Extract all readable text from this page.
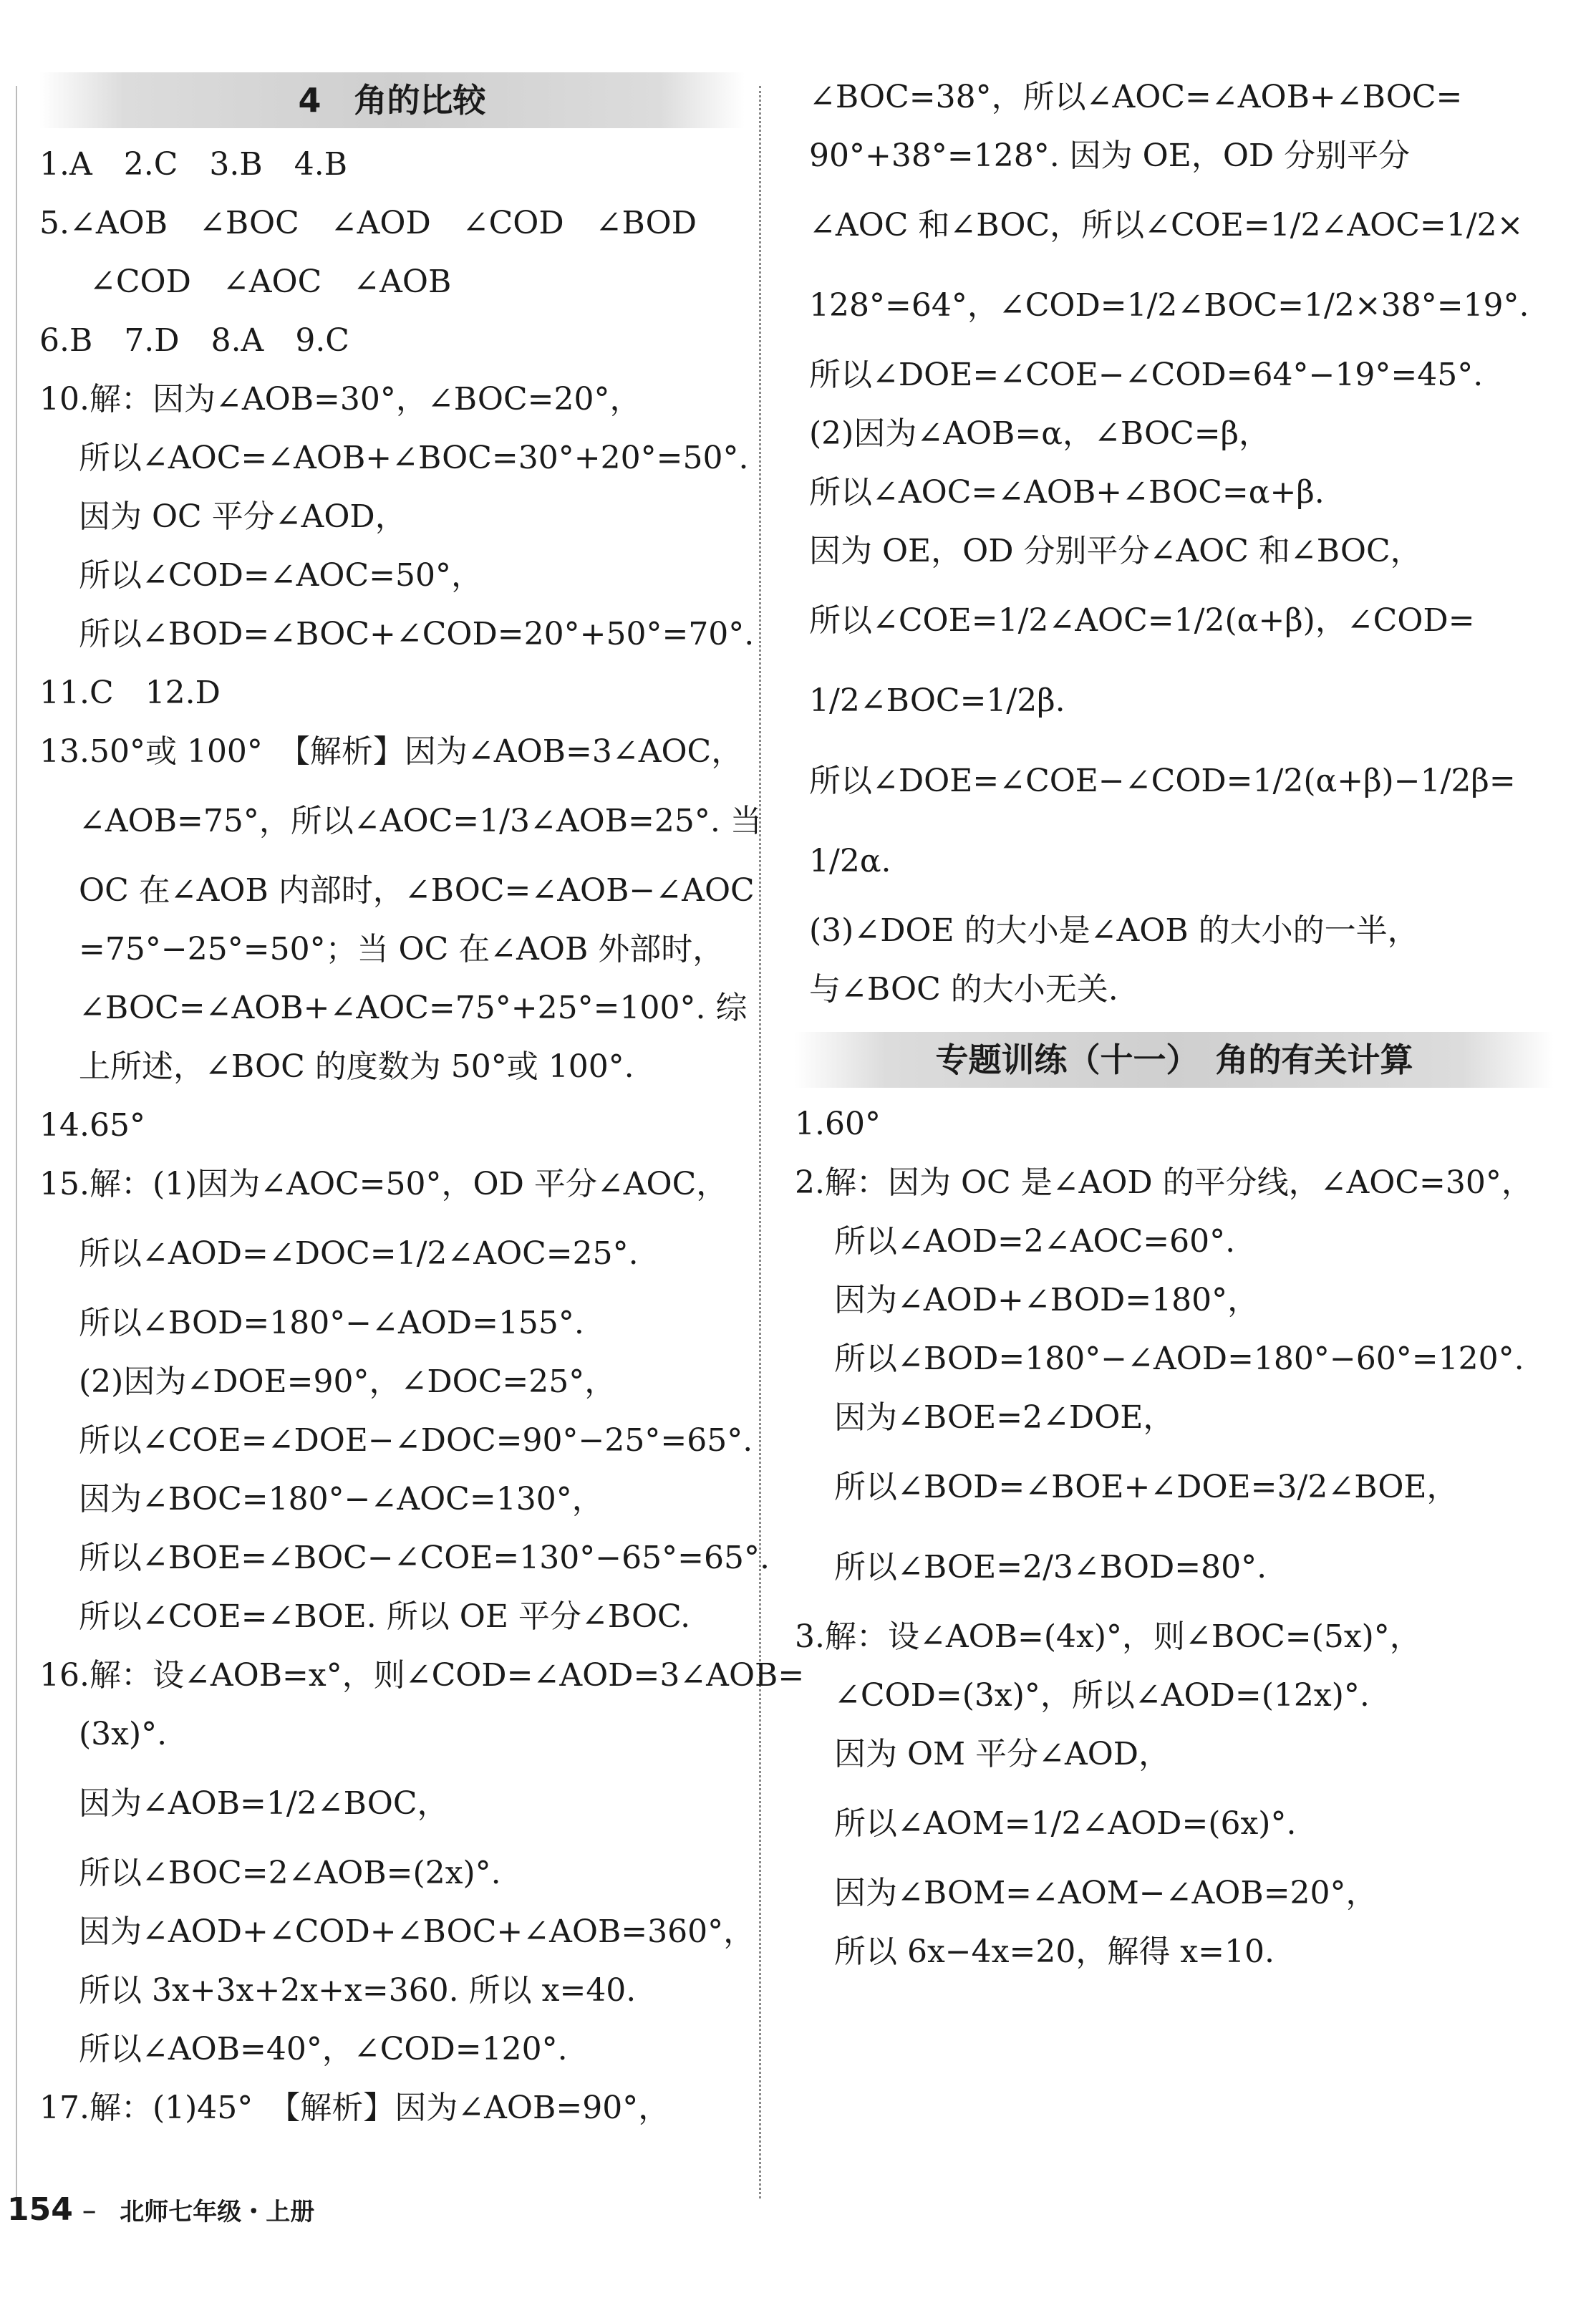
4　角的比较
1.A　2.C　3.B　4.B
5.∠AOB　∠BOC　∠AOD　∠COD　∠BOD
∠COD　∠AOC　∠AOB
6.B　7.D　8.A　9.C
10.解：因为∠AOB=30°，∠BOC=20°，
所以∠AOC=∠AOB+∠BOC=30°+20°=50°.
因为 OC 平分∠AOD，
所以∠COD=∠AOC=50°，
所以∠BOD=∠BOC+∠COD=20°+50°=70°.
11.C　12.D
13.50°或 100°　【解析】因为∠AOB=3∠AOC，
∠AOB=75°，所以∠AOC=1/3∠AOB=25°. 当
OC 在∠AOB 内部时，∠BOC=∠AOB−∠AOC
=75°−25°=50°；当 OC 在∠AOB 外部时，
∠BOC=∠AOB+∠AOC=75°+25°=100°. 综
上所述，∠BOC 的度数为 50°或 100°.
14.65°
15.解：(1)因为∠AOC=50°，OD 平分∠AOC，
所以∠AOD=∠DOC=1/2∠AOC=25°.
所以∠BOD=180°−∠AOD=155°.
(2)因为∠DOE=90°，∠DOC=25°，
所以∠COE=∠DOE−∠DOC=90°−25°=65°.
因为∠BOC=180°−∠AOC=130°，
所以∠BOE=∠BOC−∠COE=130°−65°=65°.
所以∠COE=∠BOE. 所以 OE 平分∠BOC.
16.解：设∠AOB=x°，则∠COD=∠AOD=3∠AOB=
(3x)°.
因为∠AOB=1/2∠BOC，
所以∠BOC=2∠AOB=(2x)°.
因为∠AOD+∠COD+∠BOC+∠AOB=360°，
所以 3x+3x+2x+x=360. 所以 x=40.
所以∠AOB=40°，∠COD=120°.
17.解：(1)45°　【解析】因为∠AOB=90°，
∠BOC=38°，所以∠AOC=∠AOB+∠BOC=
90°+38°=128°. 因为 OE，OD 分别平分
∠AOC 和∠BOC，所以∠COE=1/2∠AOC=1/2×
128°=64°，∠COD=1/2∠BOC=1/2×38°=19°.
所以∠DOE=∠COE−∠COD=64°−19°=45°.
(2)因为∠AOB=α，∠BOC=β，
所以∠AOC=∠AOB+∠BOC=α+β.
因为 OE，OD 分别平分∠AOC 和∠BOC，
所以∠COE=1/2∠AOC=1/2(α+β)，∠COD=
1/2∠BOC=1/2β.
所以∠DOE=∠COE−∠COD=1/2(α+β)−1/2β=
1/2α.
(3)∠DOE 的大小是∠AOB 的大小的一半，
与∠BOC 的大小无关.
专题训练（十一）　角的有关计算
1.60°
2.解：因为 OC 是∠AOD 的平分线，∠AOC=30°，
所以∠AOD=2∠AOC=60°.
因为∠AOD+∠BOD=180°，
所以∠BOD=180°−∠AOD=180°−60°=120°.
因为∠BOE=2∠DOE，
所以∠BOD=∠BOE+∠DOE=3/2∠BOE，
所以∠BOE=2/3∠BOD=80°.
3.解：设∠AOB=(4x)°，则∠BOC=(5x)°，
∠COD=(3x)°，所以∠AOD=(12x)°.
因为 OM 平分∠AOD，
所以∠AOM=1/2∠AOD=(6x)°.
因为∠BOM=∠AOM−∠AOB=20°，
所以 6x−4x=20，解得 x=10.
154 – 北师七年级・上册
